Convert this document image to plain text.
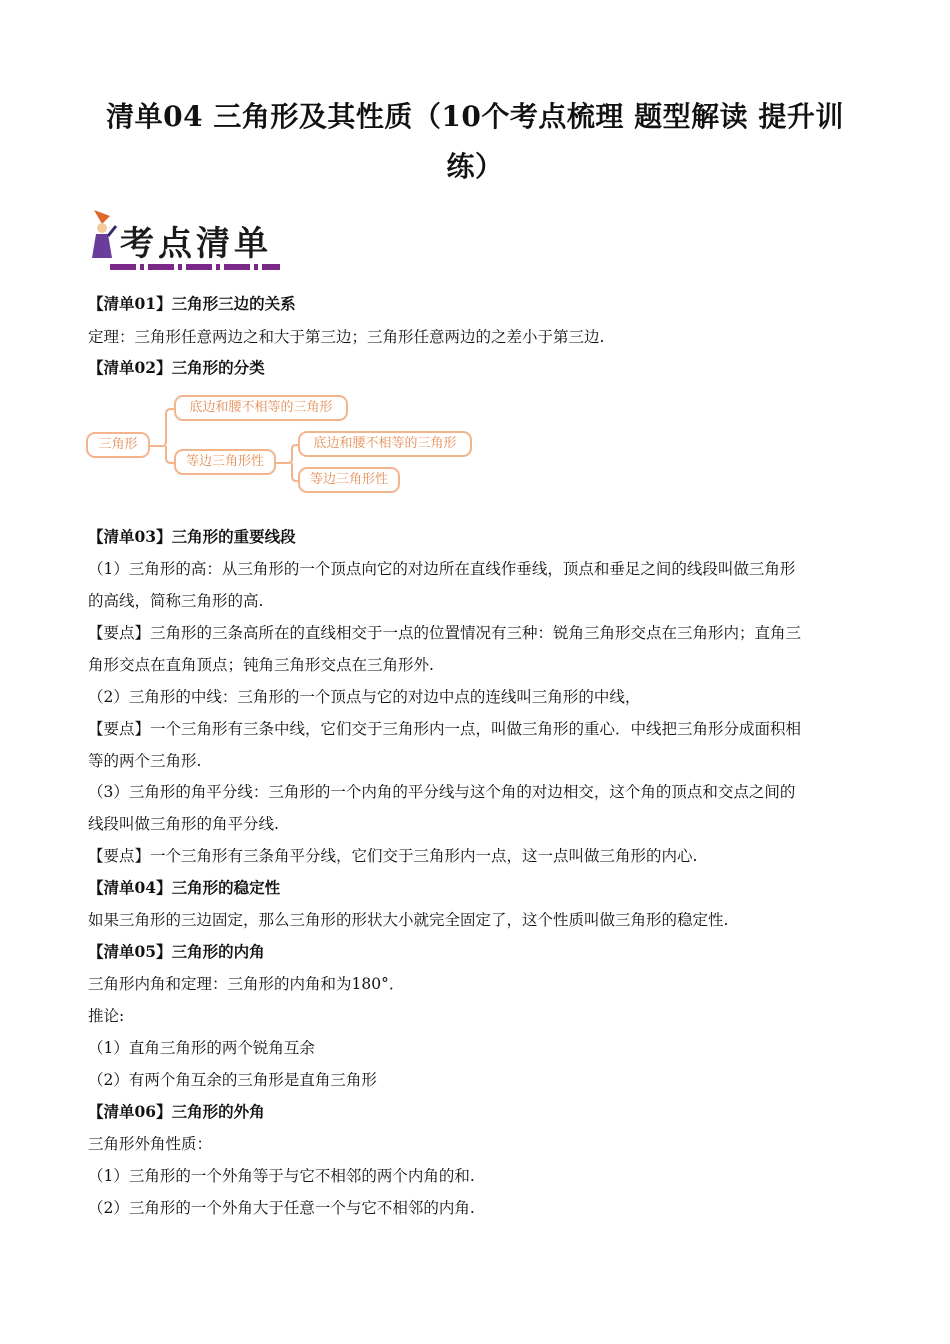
清单04 三角形及其性质（10个考点梳理 题型解读 提升训
练）
考点清单
【清单01】三角形三边的关系
定理：三角形任意两边之和大于第三边；三角形任意两边的之差小于第三边.
【清单02】三角形的分类
三角形
底边和腰不相等的三角形
等边三角形性
底边和腰不相等的三角形
等边三角形性
【清单03】三角形的重要线段
（1）三角形的高：从三角形的一个顶点向它的对边所在直线作垂线，顶点和垂足之间的线段叫做三角形
的高线，简称三角形的高.
【要点】三角形的三条高所在的直线相交于一点的位置情况有三种：锐角三角形交点在三角形内；直角三
角形交点在直角顶点；钝角三角形交点在三角形外.
（2）三角形的中线：三角形的一个顶点与它的对边中点的连线叫三角形的中线，
【要点】一个三角形有三条中线，它们交于三角形内一点，叫做三角形的重心．中线把三角形分成面积相
等的两个三角形.
（3）三角形的角平分线：三角形的一个内角的平分线与这个角的对边相交，这个角的顶点和交点之间的
线段叫做三角形的角平分线.
【要点】一个三角形有三条角平分线，它们交于三角形内一点，这一点叫做三角形的内心.
【清单04】三角形的稳定性
如果三角形的三边固定，那么三角形的形状大小就完全固定了，这个性质叫做三角形的稳定性.
【清单05】三角形的内角
三角形内角和定理：三角形的内角和为180°．
推论:
（1）直角三角形的两个锐角互余
（2）有两个角互余的三角形是直角三角形
【清单06】三角形的外角
三角形外角性质：
（1）三角形的一个外角等于与它不相邻的两个内角的和.
（2）三角形的一个外角大于任意一个与它不相邻的内角.
